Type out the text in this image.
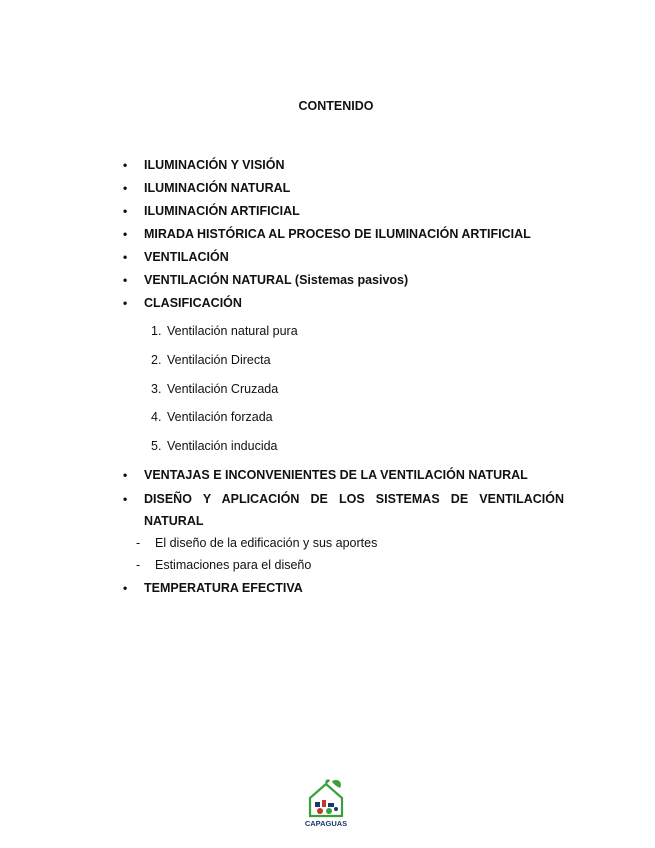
CONTENIDO
• ILUMINACIÓN Y VISIÓN
• ILUMINACIÓN NATURAL
• ILUMINACIÓN ARTIFICIAL
• MIRADA HISTÓRICA AL PROCESO DE ILUMINACIÓN ARTIFICIAL
• VENTILACIÓN
• VENTILACIÓN NATURAL (Sistemas pasivos)
• CLASIFICACIÓN
1. Ventilación natural pura
2. Ventilación Directa
3. Ventilación Cruzada
4. Ventilación forzada
5. Ventilación inducida
• VENTAJAS E INCONVENIENTES DE LA VENTILACIÓN NATURAL
• DISEÑO Y APLICACIÓN DE LOS SISTEMAS DE VENTILACIÓN NATURAL
- El diseño de la edificación y sus aportes
- Estimaciones para el diseño
• TEMPERATURA EFECTIVA
CAPAGUAS
